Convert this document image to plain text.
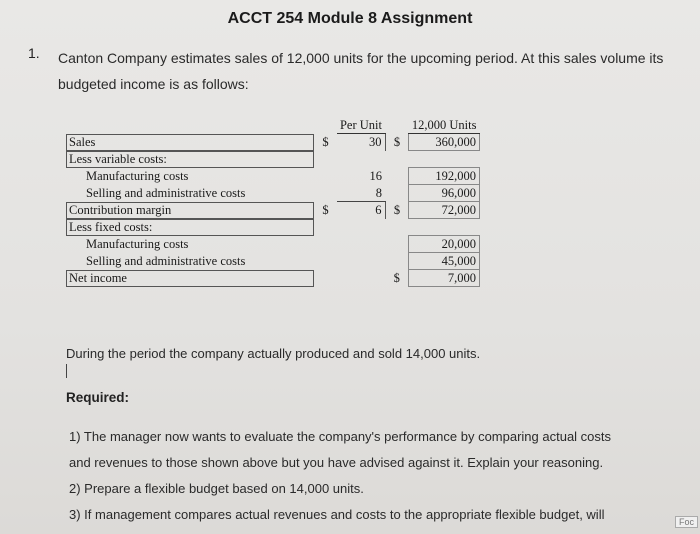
ACCT 254 Module 8 Assignment
1. Canton Company estimates sales of 12,000 units for the upcoming period. At this sales volume its
budgeted income is as follows:
		Per Unit		12,000 Units
Sales	$	30	$	360,000
Less variable costs:				
Manufacturing costs		16		192,000
Selling and administrative costs		8		96,000
Contribution margin	$	6	$	72,000
Less fixed costs:				
Manufacturing costs				20,000
Selling and administrative costs				45,000
Net income			$	7,000
During the period the company actually produced and sold 14,000 units.
Required:
1) The manager now wants to evaluate the company's performance by comparing actual costs
and revenues to those shown above but you have advised against it. Explain your reasoning.
2) Prepare a flexible budget based on 14,000 units.
3) If management compares actual revenues and costs to the appropriate flexible budget, will	Foc
